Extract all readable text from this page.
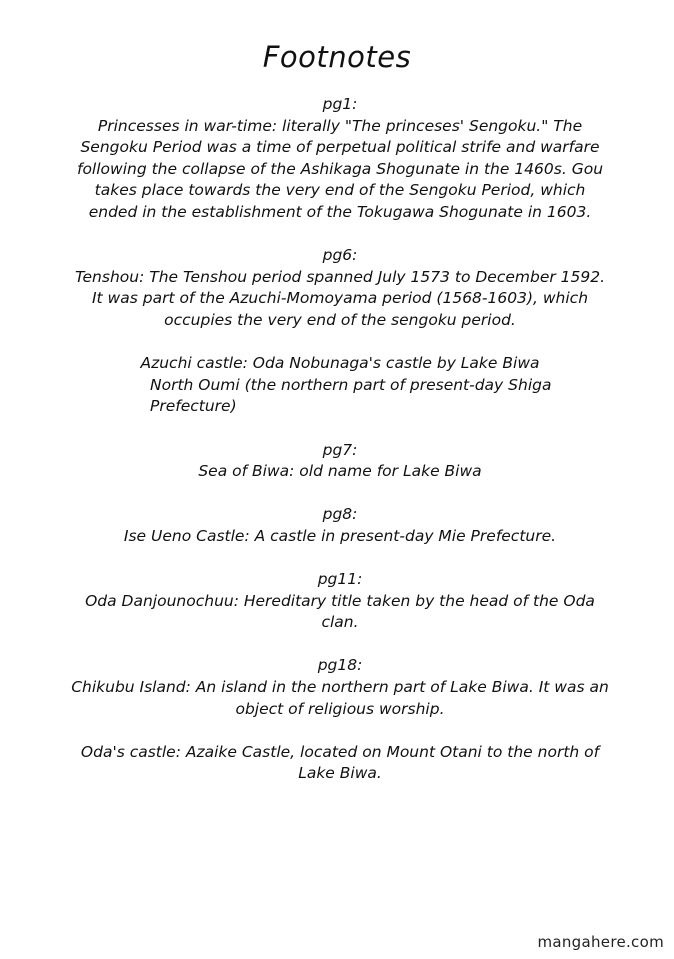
Footnotes
pg1:
Princesses in war-time: literally "The princeses' Sengoku." The Sengoku Period was a time of perpetual political strife and warfare following the collapse of the Ashikaga Shogunate in the 1460s. Gou takes place towards the very end of the Sengoku Period, which ended in the establishment of the Tokugawa Shogunate in 1603.
pg6:
Tenshou: The Tenshou period spanned July 1573 to December 1592. It was part of the Azuchi-Momoyama period (1568-1603), which occupies the very end of the sengoku period.
Azuchi castle: Oda Nobunaga's castle by Lake Biwa
North Oumi (the northern part of present-day Shiga Prefecture)
pg7:
Sea of Biwa: old name for Lake Biwa
pg8:
Ise Ueno Castle: A castle in present-day Mie Prefecture.
pg11:
Oda Danjounochuu: Hereditary title taken by the head of the Oda clan.
pg18:
Chikubu Island: An island in the northern part of Lake Biwa. It was an object of religious worship.
Oda's castle: Azaike Castle, located on Mount Otani to the north of Lake Biwa.
mangahere.com
